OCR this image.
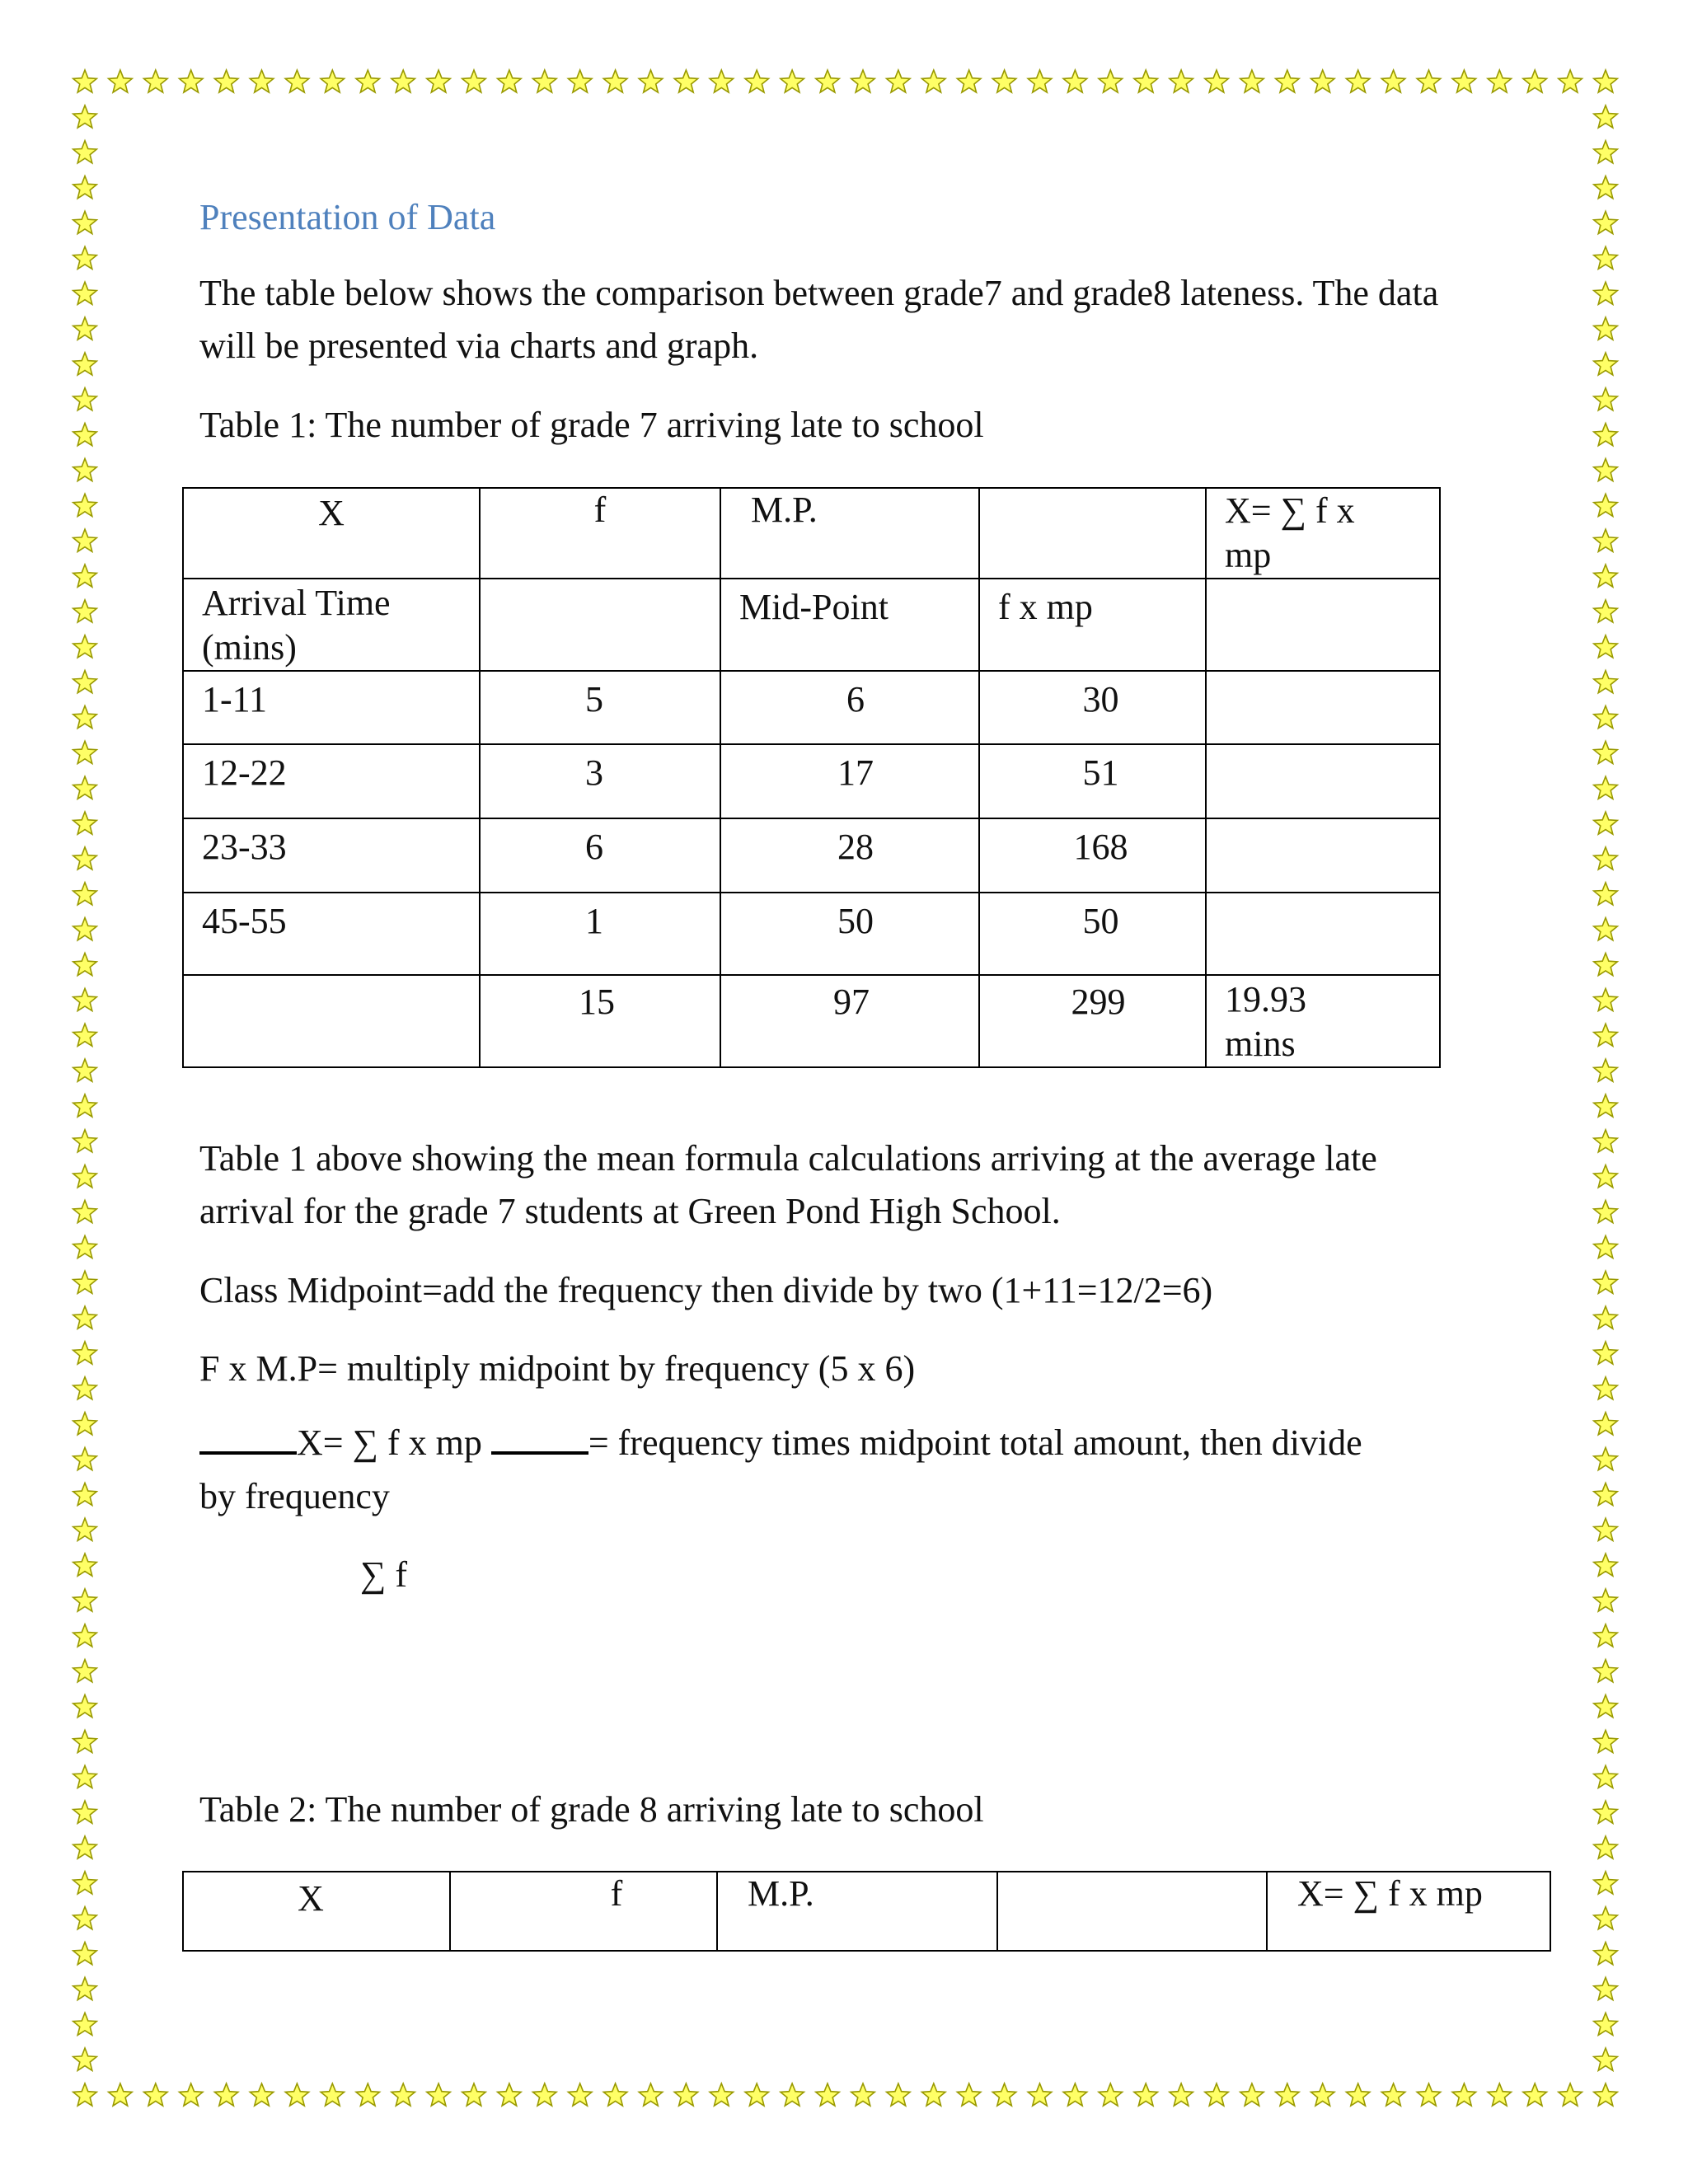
Presentation of Data
The table below shows the comparison between grade7 and grade8 lateness. The data will be presented via charts and graph.
Table 1: The number of grade 7 arriving late to school
X	f	M.P.		X= ∑ f x mp

Arrival Time (mins)		Mid-Point	f x mp	

1-11	5	6	30	

12-22	3	17	51	

23-33	6	28	168	

45-55	1	50	50	

	15	97	299	19.93 mins
Table 1 above showing the mean formula calculations arriving at the average late arrival for the grade 7 students at Green Pond High School.
Class Midpoint=add the frequency then divide by two (1+11=12/2=6)
F x M.P= multiply midpoint by frequency (5 x 6)
X= ∑ f x mp	= frequency times midpoint total amount, then divide
by frequency
∑ f
Table 2: The number of grade 8 arriving late to school
X	f	M.P.		X= ∑ f x mp
